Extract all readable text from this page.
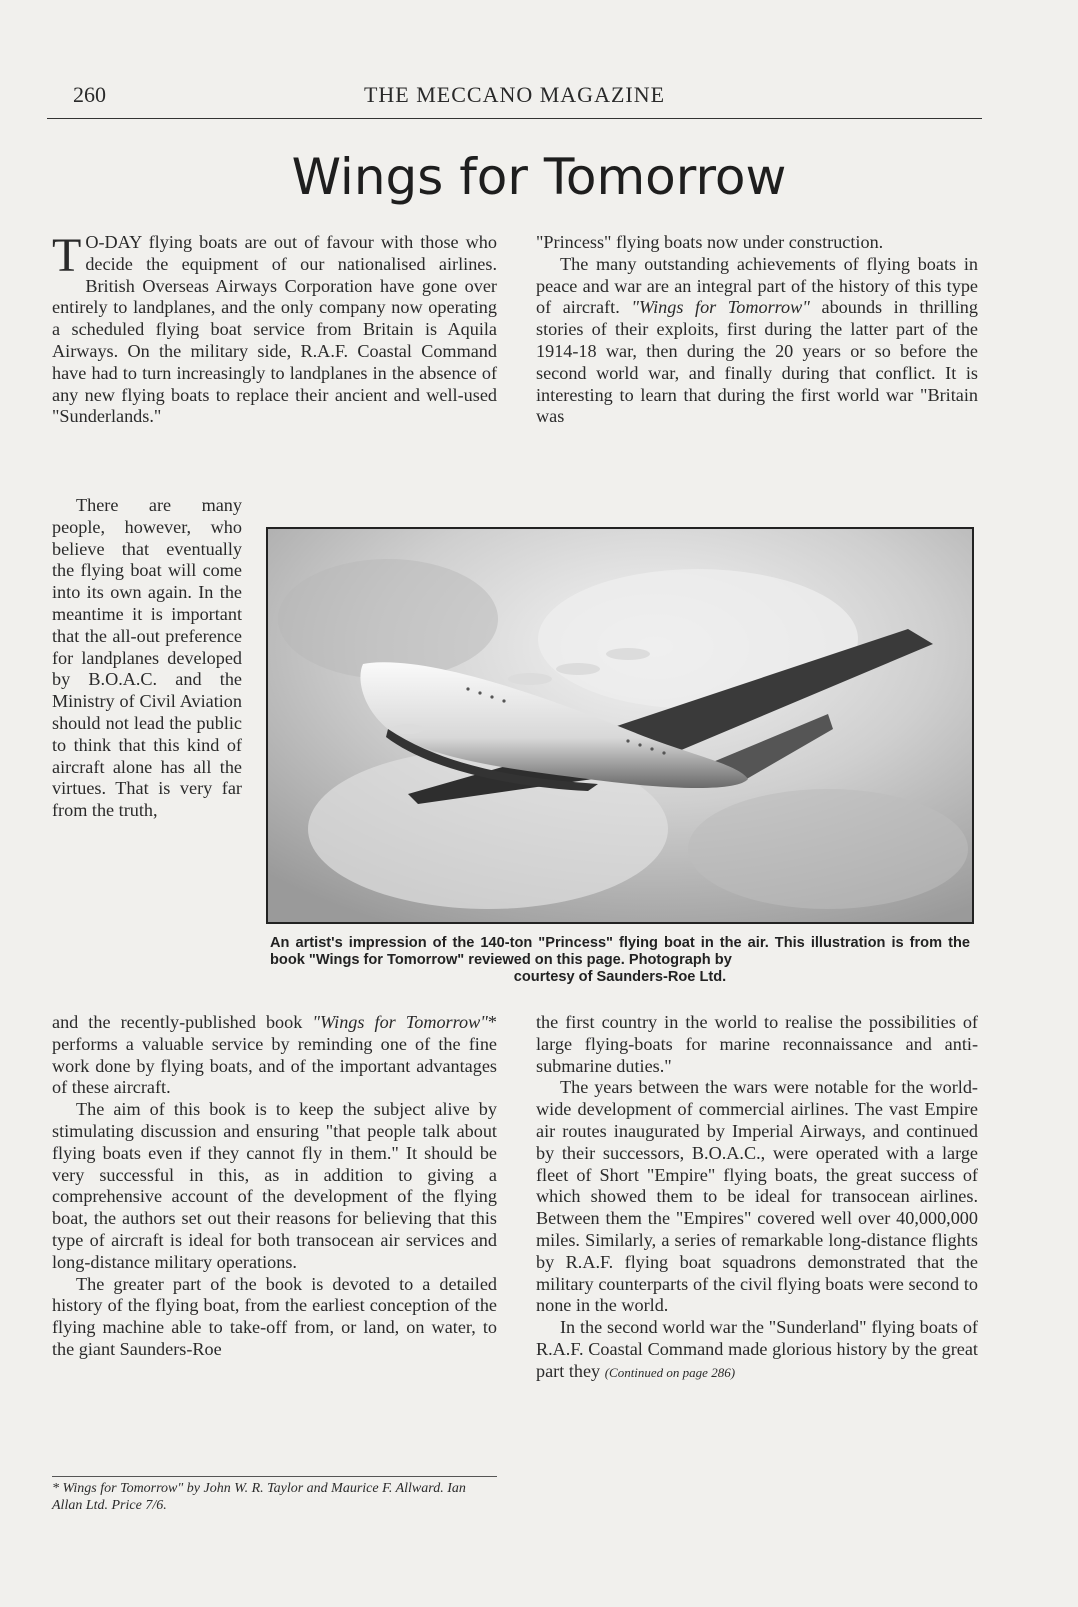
260	THE MECCANO MAGAZINE
Wings for Tomorrow

T O-DAY flying boats are out of favour with those who decide the equipment of our nationalised airlines. British Overseas Airways Corporation have gone over entirely to landplanes, and the only company now operating a scheduled flying boat service from Britain is Aquila Airways. On the military side, R.A.F. Coastal Command have had to turn increasingly to landplanes in the absence of any new flying boats to replace their ancient and well-used "Sunderlands."

There are many people, however, who believe that eventually the flying boat will come into its own again. In the meantime it is important that the all-out preference for landplanes developed by B.O.A.C. and the Ministry of Civil Aviation should not lead the public to think that this kind of aircraft alone has all the virtues. That is very far from the truth,

and the recently-published book "Wings for Tomorrow"* performs a valuable service by reminding one of the fine work done by flying boats, and of the important advantages of these aircraft.

The aim of this book is to keep the subject alive by stimulating discussion and ensuring "that people talk about flying boats even if they cannot fly in them." It should be very successful in this, as in addition to giving a comprehensive account of the development of the flying boat, the authors set out their reasons for believing that this type of aircraft is ideal for both transocean air services and long-distance military operations.

The greater part of the book is devoted to a detailed history of the flying boat, from the earliest conception of the flying machine able to take-off from, or land, on water, to the giant Saunders-Roe

"Princess" flying boats now under construction.

The many outstanding achievements of flying boats in peace and war are an integral part of the history of this type of aircraft. "Wings for Tomorrow" abounds in thrilling stories of their exploits, first during the latter part of the 1914-18 war, then during the 20 years or so before the second world war, and finally during that conflict. It is interesting to learn that during the first world war "Britain was

the first country in the world to realise the possibilities of large flying-boats for marine reconnaissance and anti-submarine duties."

The years between the wars were notable for the world-wide development of commercial airlines. The vast Empire air routes inaugurated by Imperial Airways, and continued by their successors, B.O.A.C., were operated with a large fleet of Short "Empire" flying boats, the great success of which showed them to be ideal for transocean airlines. Between them the "Empires" covered well over 40,000,000 miles. Similarly, a series of remarkable long-distance flights by R.A.F. flying boat squadrons demonstrated that the military counterparts of the civil flying boats were second to none in the world.

In the second world war the "Sunderland" flying boats of R.A.F. Coastal Command made glorious history by the great part they (Continued on page 286)

An artist's impression of the 140-ton "Princess" flying boat in the air. This illustration is from the book "Wings for Tomorrow" reviewed on this page. Photograph by
courtesy of Saunders-Roe Ltd.
* Wings for Tomorrow" by John W. R. Taylor and Maurice F. Allward. Ian Allan Ltd. Price 7/6.
